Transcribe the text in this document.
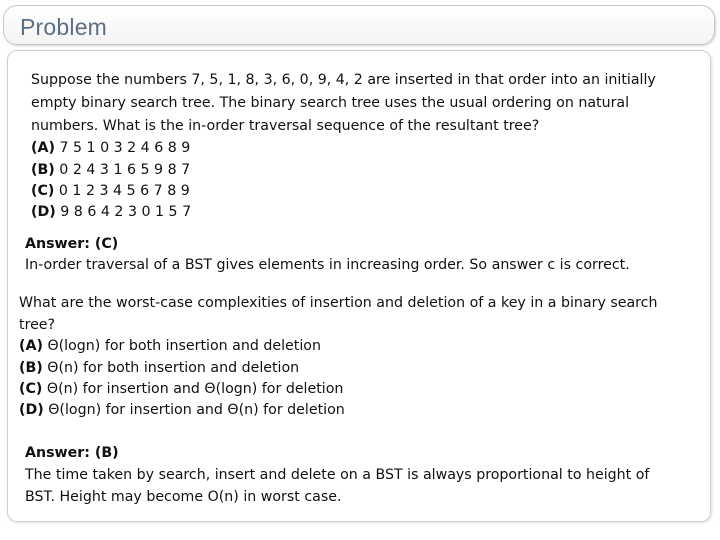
Problem
Suppose the numbers 7, 5, 1, 8, 3, 6, 0, 9, 4, 2 are inserted in that order into an initially
empty binary search tree. The binary search tree uses the usual ordering on natural
numbers. What is the in-order traversal sequence of the resultant tree?
(A) 7 5 1 0 3 2 4 6 8 9
(B) 0 2 4 3 1 6 5 9 8 7
(C) 0 1 2 3 4 5 6 7 8 9
(D) 9 8 6 4 2 3 0 1 5 7
Answer: (C)
In-order traversal of a BST gives elements in increasing order. So answer c is correct.
What are the worst-case complexities of insertion and deletion of a key in a binary search
tree?
(A) Θ(logn) for both insertion and deletion
(B) Θ(n) for both insertion and deletion
(C) Θ(n) for insertion and Θ(logn) for deletion
(D) Θ(logn) for insertion and Θ(n) for deletion
Answer: (B)
The time taken by search, insert and delete on a BST is always proportional to height of
BST. Height may become O(n) in worst case.
